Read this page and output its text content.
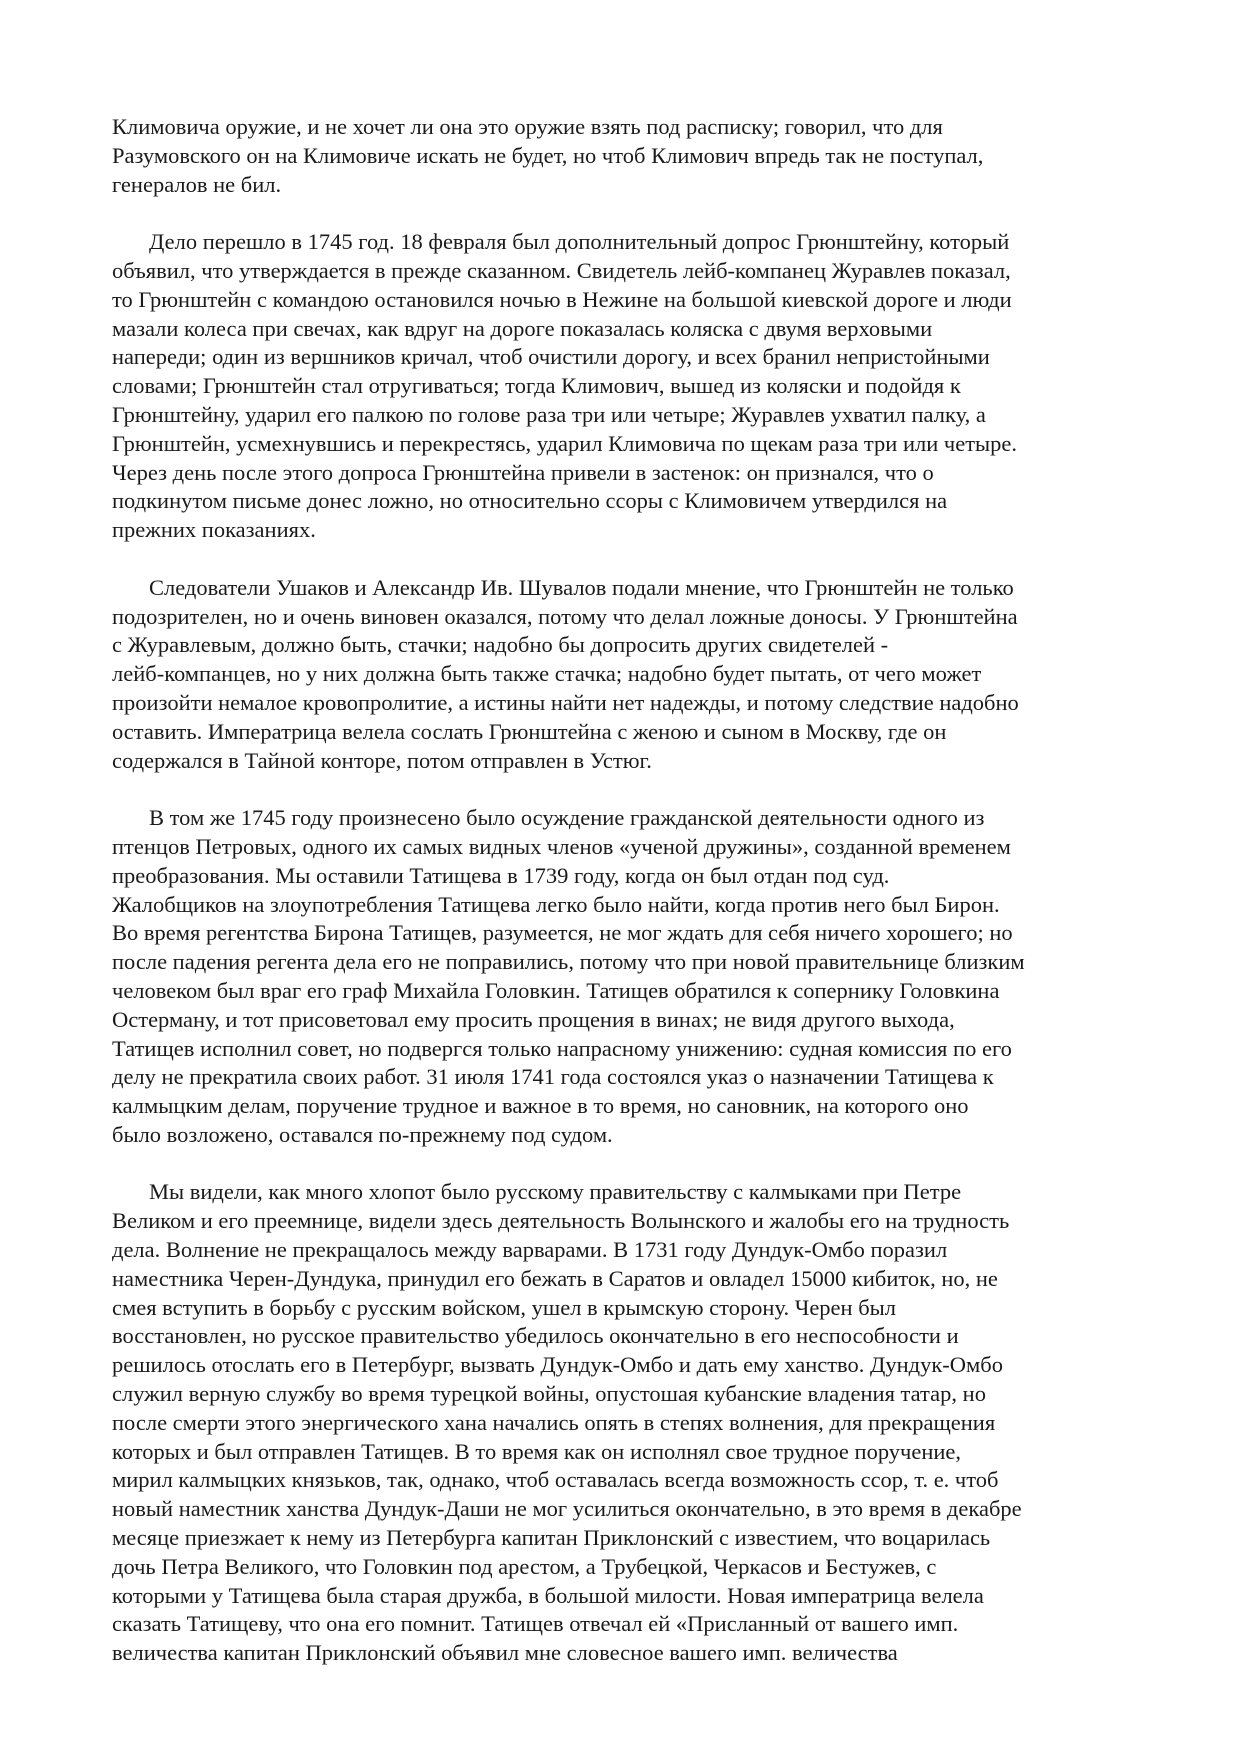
Климовича оружие, и не хочет ли она это оружие взять под расписку; говорил, что для
Разумовского он на Климовиче искать не будет, но чтоб Климович впредь так не поступал,
генералов не бил.
Дело перешло в 1745 год. 18 февраля был дополнительный допрос Грюнштейну, который
объявил, что утверждается в прежде сказанном. Свидетель лейб-компанец Журавлев показал,
то Грюнштейн с командою остановился ночью в Нежине на большой киевской дороге и люди
мазали колеса при свечах, как вдруг на дороге показалась коляска с двумя верховыми
напереди; один из вершников кричал, чтоб очистили дорогу, и всех бранил непристойными
словами; Грюнштейн стал отругиваться; тогда Климович, вышед из коляски и подойдя к
Грюнштейну, ударил его палкою по голове раза три или четыре; Журавлев ухватил палку, а
Грюнштейн, усмехнувшись и перекрестясь, ударил Климовича по щекам раза три или четыре.
Через день после этого допроса Грюнштейна привели в застенок: он признался, что о
подкинутом письме донес ложно, но относительно ссоры с Климовичем утвердился на
прежних показаниях.
Следователи Ушаков и Александр Ив. Шувалов подали мнение, что Грюнштейн не только
подозрителен, но и очень виновен оказался, потому что делал ложные доносы. У Грюнштейна
с Журавлевым, должно быть, стачки; надобно бы допросить других свидетелей -
лейб-компанцев, но у них должна быть также стачка; надобно будет пытать, от чего может
произойти немалое кровопролитие, а истины найти нет надежды, и потому следствие надобно
оставить. Императрица велела сослать Грюнштейна с женою и сыном в Москву, где он
содержался в Тайной конторе, потом отправлен в Устюг.
В том же 1745 году произнесено было осуждение гражданской деятельности одного из
птенцов Петровых, одного их самых видных членов «ученой дружины», созданной временем
преобразования. Мы оставили Татищева в 1739 году, когда он был отдан под суд.
Жалобщиков на злоупотребления Татищева легко было найти, когда против него был Бирон.
Во время регентства Бирона Татищев, разумеется, не мог ждать для себя ничего хорошего; но
после падения регента дела его не поправились, потому что при новой правительнице близким
человеком был враг его граф Михайла Головкин. Татищев обратился к сопернику Головкина
Остерману, и тот присоветовал ему просить прощения в винах; не видя другого выхода,
Татищев исполнил совет, но подвергся только напрасному унижению: судная комиссия по его
делу не прекратила своих работ. 31 июля 1741 года состоялся указ о назначении Татищева к
калмыцким делам, поручение трудное и важное в то время, но сановник, на которого оно
было возложено, оставался по-прежнему под судом.
Мы видели, как много хлопот было русскому правительству с калмыками при Петре
Великом и его преемнице, видели здесь деятельность Волынского и жалобы его на трудность
дела. Волнение не прекращалось между варварами. В 1731 году Дундук-Омбо поразил
наместника Черен-Дундука, принудил его бежать в Саратов и овладел 15000 кибиток, но, не
смея вступить в борьбу с русским войском, ушел в крымскую сторону. Черен был
восстановлен, но русское правительство убедилось окончательно в его неспособности и
решилось отослать его в Петербург, вызвать Дундук-Омбо и дать ему ханство. Дундук-Омбо
служил верную службу во время турецкой войны, опустошая кубанские владения татар, но
после смерти этого энергического хана начались опять в степях волнения, для прекращения
которых и был отправлен Татищев. В то время как он исполнял свое трудное поручение,
мирил калмыцких князьков, так, однако, чтоб оставалась всегда возможность ссор, т. е. чтоб
новый наместник ханства Дундук-Даши не мог усилиться окончательно, в это время в декабре
месяце приезжает к нему из Петербурга капитан Приклонский с известием, что воцарилась
дочь Петра Великого, что Головкин под арестом, а Трубецкой, Черкасов и Бестужев, с
которыми у Татищева была старая дружба, в большой милости. Новая императрица велела
сказать Татищеву, что она его помнит. Татищев отвечал ей «Присланный от вашего имп.
величества капитан Приклонский объявил мне словесное вашего имп. величества
